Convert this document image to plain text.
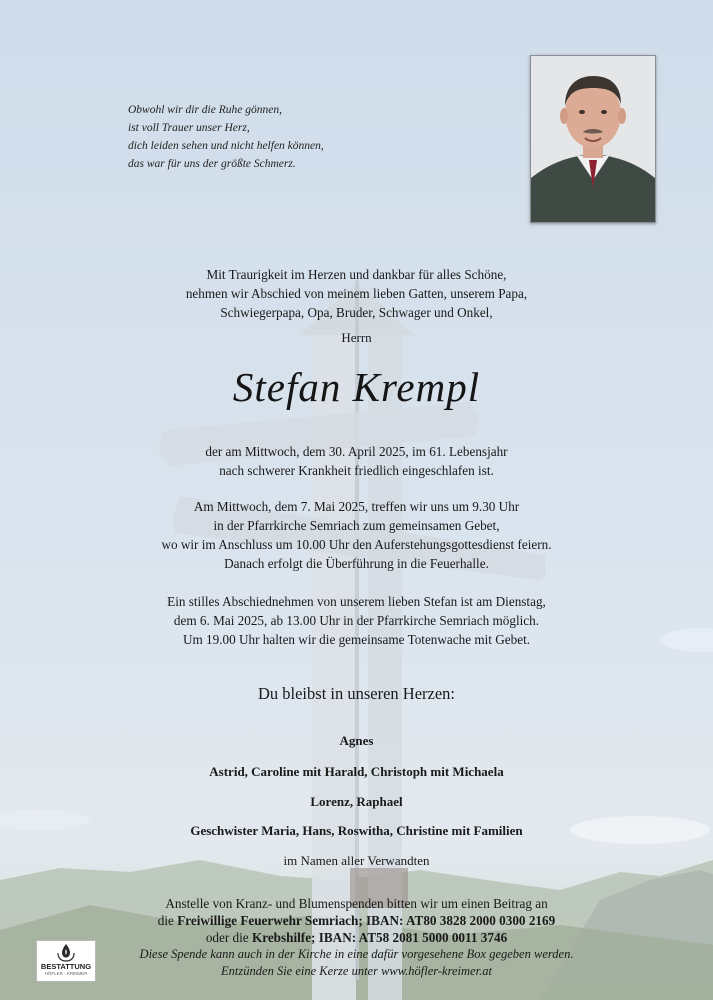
Obwohl wir dir die Ruhe gönnen,
ist voll Trauer unser Herz,
dich leiden sehen und nicht helfen können,
das war für uns der größte Schmerz.
Mit Traurigkeit im Herzen und dankbar für alles Schöne,
nehmen wir Abschied von meinem lieben Gatten, unserem Papa,
Schwiegerpapa, Opa, Bruder, Schwager und Onkel,
Herrn
Stefan Krempl
der am Mittwoch, dem 30. April 2025, im 61. Lebensjahr
nach schwerer Krankheit friedlich eingeschlafen ist.
Am Mittwoch, dem 7. Mai 2025, treffen wir uns um 9.30 Uhr
in der Pfarrkirche Semriach zum gemeinsamen Gebet,
wo wir im Anschluss um 10.00 Uhr den Auferstehungsgottesdienst feiern.
Danach erfolgt die Überführung in die Feuerhalle.
Ein stilles Abschiednehmen von unserem lieben Stefan ist am Dienstag,
dem 6. Mai 2025, ab 13.00 Uhr in der Pfarrkirche Semriach möglich.
Um 19.00 Uhr halten wir die gemeinsame Totenwache mit Gebet.
Du bleibst in unseren Herzen:
Agnes
Astrid, Caroline mit Harald, Christoph mit Michaela
Lorenz, Raphael
Geschwister Maria, Hans, Roswitha, Christine mit Familien
im Namen aller Verwandten
Anstelle von Kranz- und Blumenspenden bitten wir um einen Beitrag an
die Freiwillige Feuerwehr Semriach; IBAN: AT80 3828 2000 0300 2169
oder die Krebshilfe; IBAN: AT58 2081 5000 0011 3746
Diese Spende kann auch in der Kirche in eine dafür vorgesehene Box gegeben werden.
Entzünden Sie eine Kerze unter www.höfler-kreimer.at
BESTATTUNG
HÖFLER · KREIMER
